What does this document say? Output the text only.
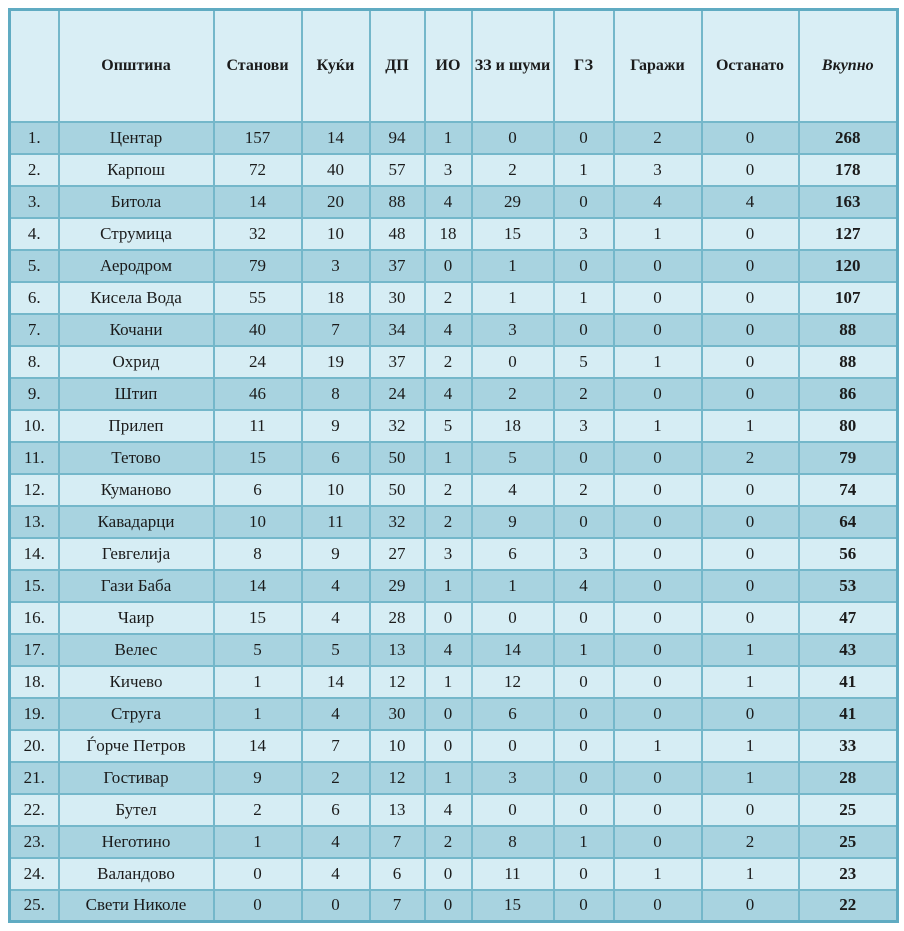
	Општина	Станови	Куќи	ДП	ИО	ЗЗ и шуми	ГЗ	Гаражи	Останато	Вкупно
1.	Центар	157	14	94	1	0	0	2	0	268
2.	Карпош	72	40	57	3	2	1	3	0	178
3.	Битола	14	20	88	4	29	0	4	4	163
4.	Струмица	32	10	48	18	15	3	1	0	127
5.	Аеродром	79	3	37	0	1	0	0	0	120
6.	Кисела Вода	55	18	30	2	1	1	0	0	107
7.	Кочани	40	7	34	4	3	0	0	0	88
8.	Охрид	24	19	37	2	0	5	1	0	88
9.	Штип	46	8	24	4	2	2	0	0	86
10.	Прилеп	11	9	32	5	18	3	1	1	80
11.	Тетово	15	6	50	1	5	0	0	2	79
12.	Куманово	6	10	50	2	4	2	0	0	74
13.	Кавадарци	10	11	32	2	9	0	0	0	64
14.	Гевгелија	8	9	27	3	6	3	0	0	56
15.	Гази Баба	14	4	29	1	1	4	0	0	53
16.	Чаир	15	4	28	0	0	0	0	0	47
17.	Велес	5	5	13	4	14	1	0	1	43
18.	Кичево	1	14	12	1	12	0	0	1	41
19.	Струга	1	4	30	0	6	0	0	0	41
20.	Ѓорче Петров	14	7	10	0	0	0	1	1	33
21.	Гостивар	9	2	12	1	3	0	0	1	28
22.	Бутел	2	6	13	4	0	0	0	0	25
23.	Неготино	1	4	7	2	8	1	0	2	25
24.	Валандово	0	4	6	0	11	0	1	1	23
25.	Свети Николе	0	0	7	0	15	0	0	0	22
